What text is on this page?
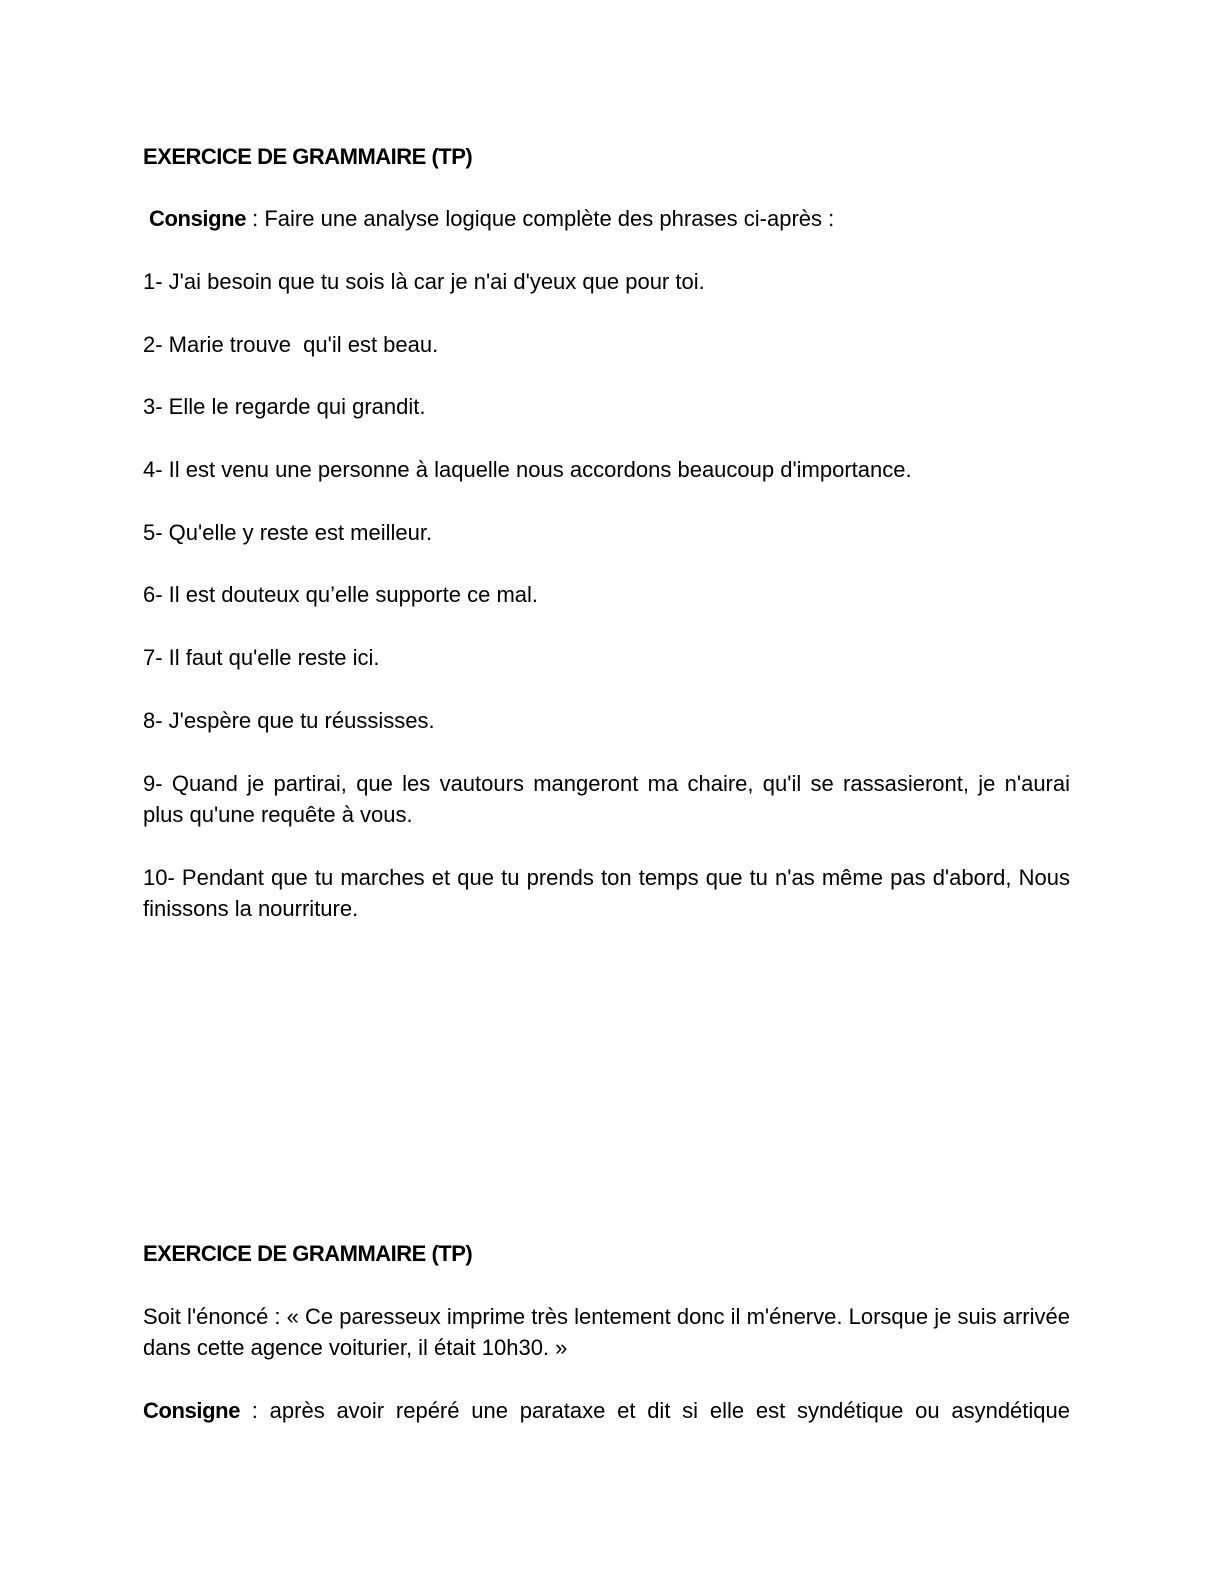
EXERCICE DE GRAMMAIRE (TP)
Consigne : Faire une analyse logique complète des phrases ci-après :
1- J'ai besoin que tu sois là car je n'ai d'yeux que pour toi.
2- Marie trouve  qu'il est beau.
3- Elle le regarde qui grandit.
4- Il est venu une personne à laquelle nous accordons beaucoup d'importance.
5- Qu'elle y reste est meilleur.
6- Il est douteux qu’elle supporte ce mal.
7- Il faut qu'elle reste ici.
8- J'espère que tu réussisses.
9- Quand je partirai, que les vautours mangeront ma chaire, qu'il se rassasieront, je n'aurai plus qu'une requête à vous.
10- Pendant que tu marches et que tu prends ton temps que tu n'as même pas d'abord, Nous finissons la nourriture.
EXERCICE DE GRAMMAIRE (TP)
Soit l'énoncé : « Ce paresseux imprime très lentement donc il m'énerve. Lorsque je suis arrivée dans cette agence voiturier, il était 10h30. »
Consigne : après avoir repéré une parataxe et dit si elle est syndétique ou asyndétique
